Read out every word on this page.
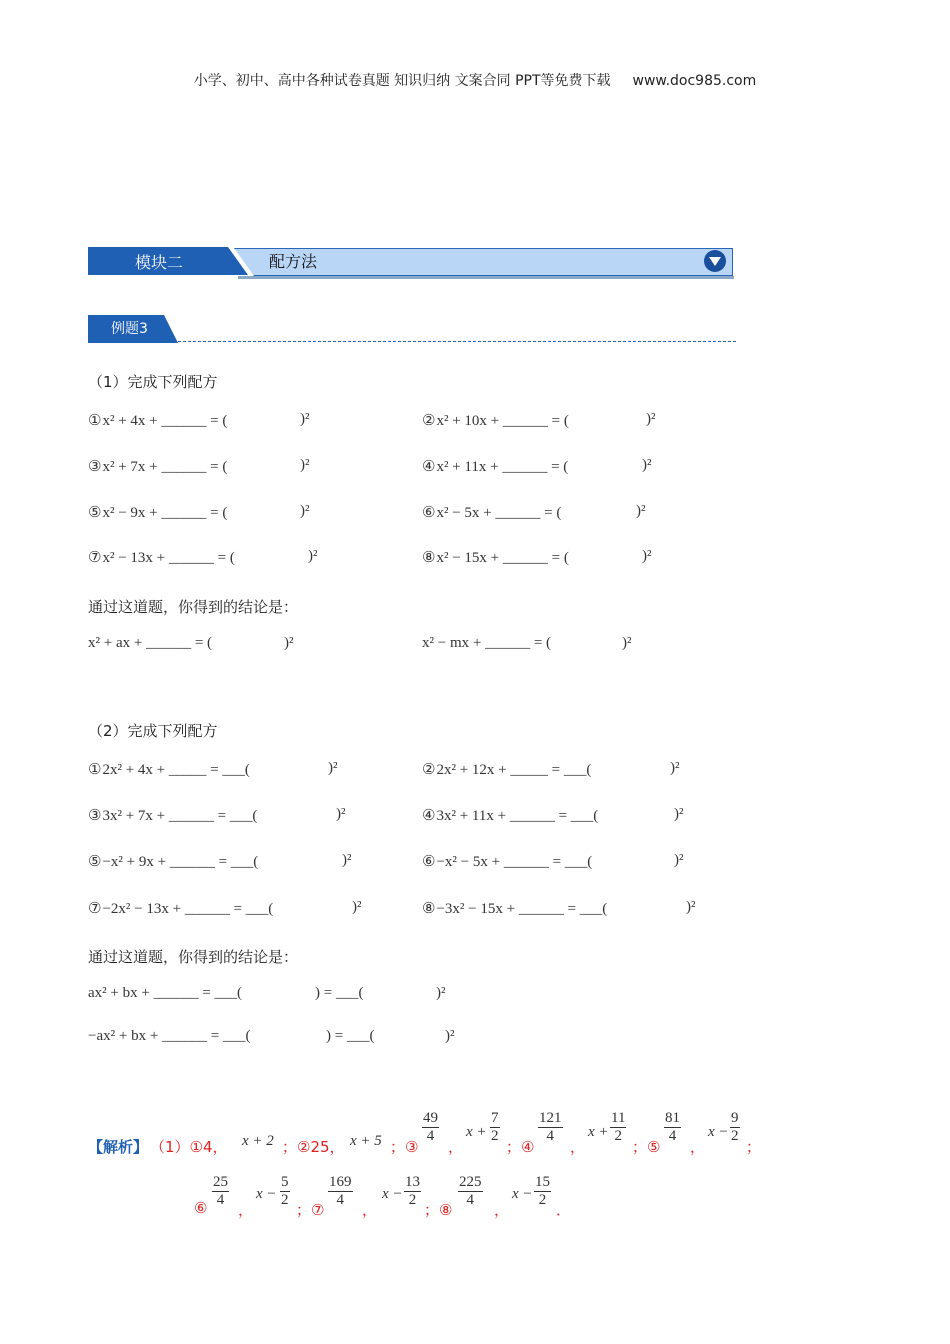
小学、初中、高中各种试卷真题 知识归纳 文案合同 PPT等免费下载 www.doc985.com
模块二	配方法
例题3
（1）完成下列配方
①x² + 4x + ______ = (	)²	②x² + 10x + ______ = (	)²
③x² + 7x + ______ = (	)²	④x² + 11x + ______ = (	)²
⑤x² − 9x + ______ = (	)²	⑥x² − 5x + ______ = (	)²
⑦x² − 13x + ______ = (	)²	⑧x² − 15x + ______ = (	)²
通过这道题，你得到的结论是：
x² + ax + ______ = (	)²	x² − mx + ______ = (	)²
（2）完成下列配方
①2x² + 4x + _____ = ___(	)²	②2x² + 12x + _____ = ___(	)²
③3x² + 7x + ______ = ___(	)²	④3x² + 11x + ______ = ___(	)²
⑤−x² + 9x + ______ = ___(	)²	⑥−x² − 5x + ______ = ___(	)²
⑦−2x² − 13x + ______ = ___(	)²	⑧−3x² − 15x + ______ = ___(	)²
通过这道题，你得到的结论是：
ax² + bx + ______ = ___(	) = ___(	)²
−ax² + bx + ______ = ___(	) = ___(	)²
【解析】 （1）①4， x + 2 ；②25， x + 5 ；③
$\frac{49}{4}$
，
$x + \frac{7}{2}$
；④
$\frac{121}{4}$
，
$x + \frac{11}{2}$
；⑤
$\frac{81}{4}$
，
$x - \frac{9}{2}$
；
$\frac{25}{4}$
⑥ ，
$x - \frac{5}{2}$
；⑦
$\frac{169}{4}$
，
$x - \frac{13}{2}$
；⑧
$\frac{225}{4}$
，
$x - \frac{15}{2}$
．
